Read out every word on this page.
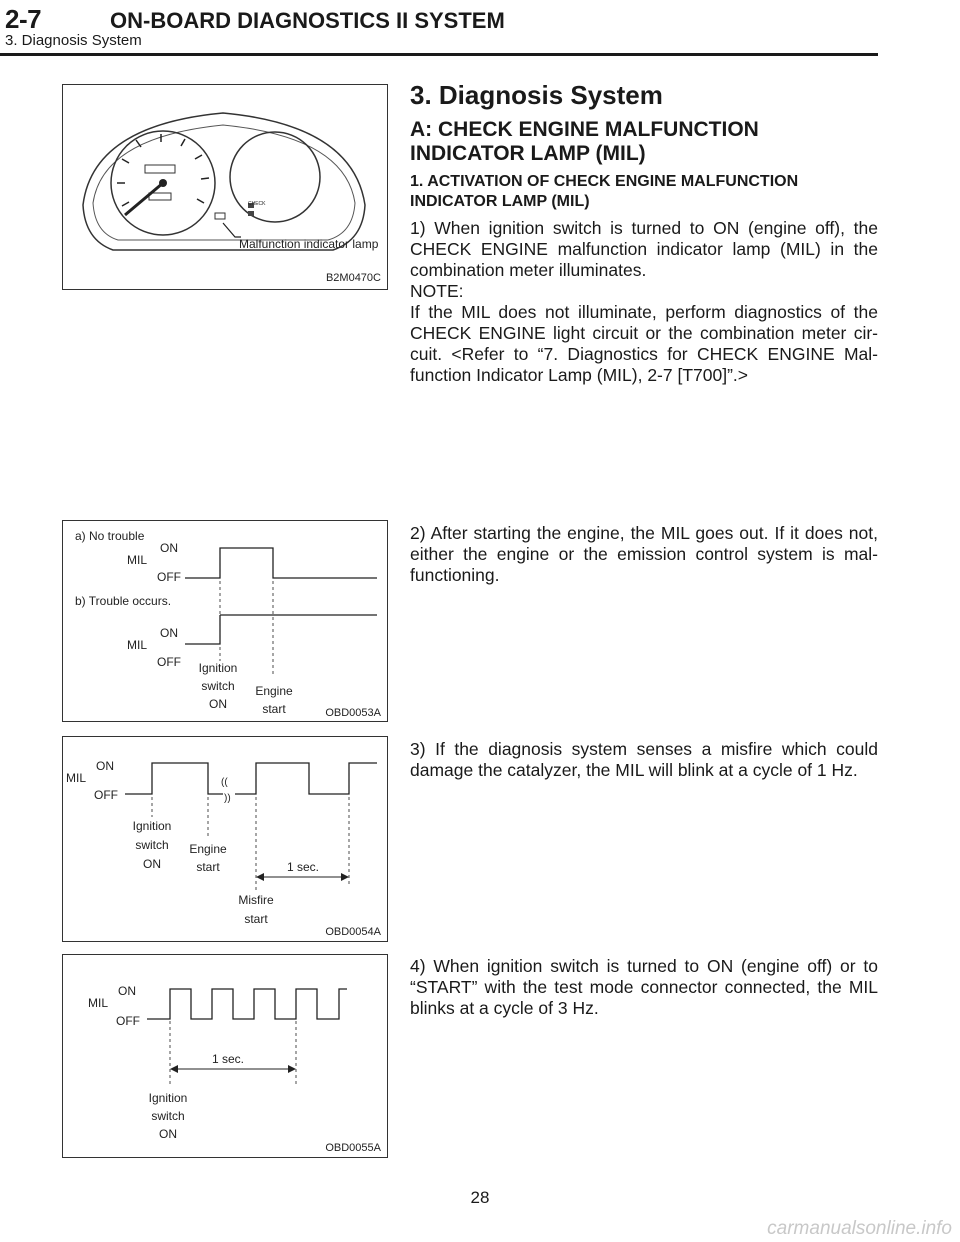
2-7	ON-BOARD DIAGNOSTICS II SYSTEM
3. Diagnosis System
CHECK
Malfunction indicator lamp
B2M0470C
a) No trouble
ON
MIL
OFF
b) Trouble occurs.
ON
MIL
OFF Ignition
switch
ON
Engine
start	OBD0053A
ON
MIL
OFF
((
))
Ignition
switch
ON
Engine
start	1 sec.
Misfire
start
OBD0054A
ON
MIL
OFF
1 sec.
Ignition
switch
ON
OBD0055A
3. Diagnosis System
A: CHECK ENGINE MALFUNCTION
INDICATOR LAMP (MIL)
1. ACTIVATION OF CHECK ENGINE MALFUNCTION
INDICATOR LAMP (MIL)

1) When ignition switch is turned to ON (engine off), the CHECK ENGINE malfunction indicator lamp (MIL) in the combination meter illuminates.

NOTE:

If the MIL does not illuminate, perform diagnostics of the CHECK ENGINE light circuit or the combination meter cir-cuit. <Refer to “7. Diagnostics for CHECK ENGINE Mal-function Indicator Lamp (MIL), 2-7 [T700]”.>

2) After starting the engine, the MIL goes out. If it does not, either the engine or the emission control system is mal-functioning.

3) If the diagnosis system senses a misfire which could damage the catalyzer, the MIL will blink at a cycle of 1 Hz.

4) When ignition switch is turned to ON (engine off) or to “START” with the test mode connector connected, the MIL blinks at a cycle of 3 Hz.

28
carmanualsonline.info
